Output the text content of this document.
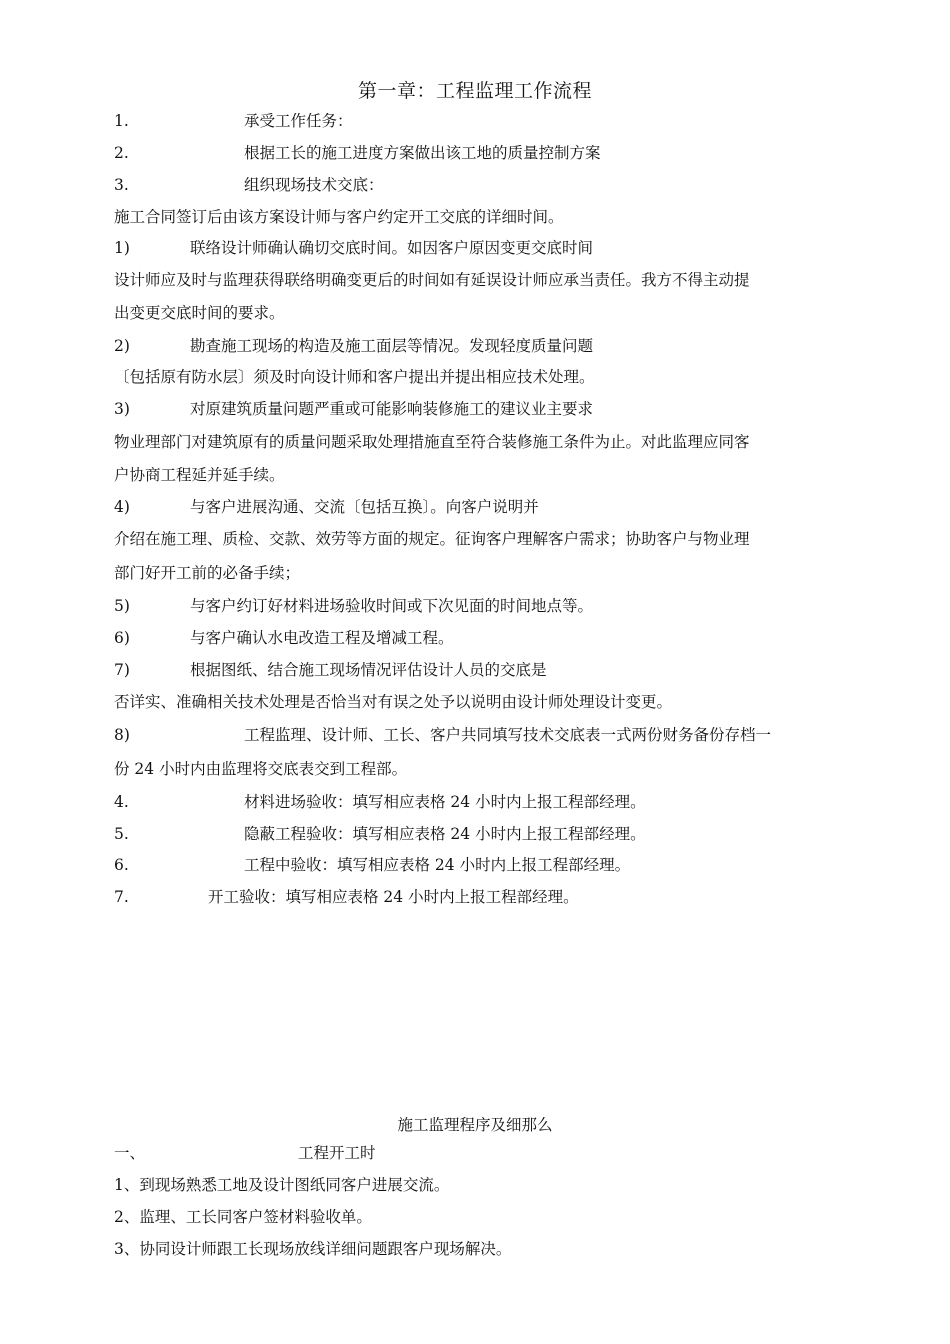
第一章：工程监理工作流程
1.	承受工作任务：
2.	根据工长的施工进度方案做出该工地的质量控制方案
3.	组织现场技术交底：
施工合同签订后由该方案设计师与客户约定开工交底的详细时间。
1)	联络设计师确认确切交底时间。如因客户原因变更交底时间
设计师应及时与监理获得联络明确变更后的时间如有延误设计师应承当责任。我方不得主动提
出变更交底时间的要求。
2)	勘查施工现场的构造及施工面层等情况。发现轻度质量问题
〔包括原有防水层〕须及时向设计师和客户提出并提出相应技术处理。
3)	对原建筑质量问题严重或可能影响装修施工的建议业主要求
物业理部门对建筑原有的质量问题采取处理措施直至符合装修施工条件为止。对此监理应同客
户协商工程延并延手续。
4)	与客户进展沟通、交流〔包括互换〕。向客户说明并
介绍在施工理、质检、交款、效劳等方面的规定。征询客户理解客户需求；协助客户与物业理
部门好开工前的必备手续；
5)	与客户约订好材料进场验收时间或下次见面的时间地点等。
6)	与客户确认水电改造工程及增减工程。
7)	根据图纸、结合施工现场情况评估设计人员的交底是
否详实、准确相关技术处理是否恰当对有误之处予以说明由设计师处理设计变更。
8)	工程监理、设计师、工长、客户共同填写技术交底表一式两份财务备份存档一
份 24 小时内由监理将交底表交到工程部。
4.	材料进场验收：填写相应表格 24 小时内上报工程部经理。
5.	隐蔽工程验收：填写相应表格 24 小时内上报工程部经理。
6.	工程中验收：填写相应表格 24 小时内上报工程部经理。
7.	开工验收：填写相应表格 24 小时内上报工程部经理。
施工监理程序及细那么
一、	工程开工时
1、到现场熟悉工地及设计图纸同客户进展交流。
2、监理、工长同客户签材料验收单。
3、协同设计师跟工长现场放线详细问题跟客户现场解决。
